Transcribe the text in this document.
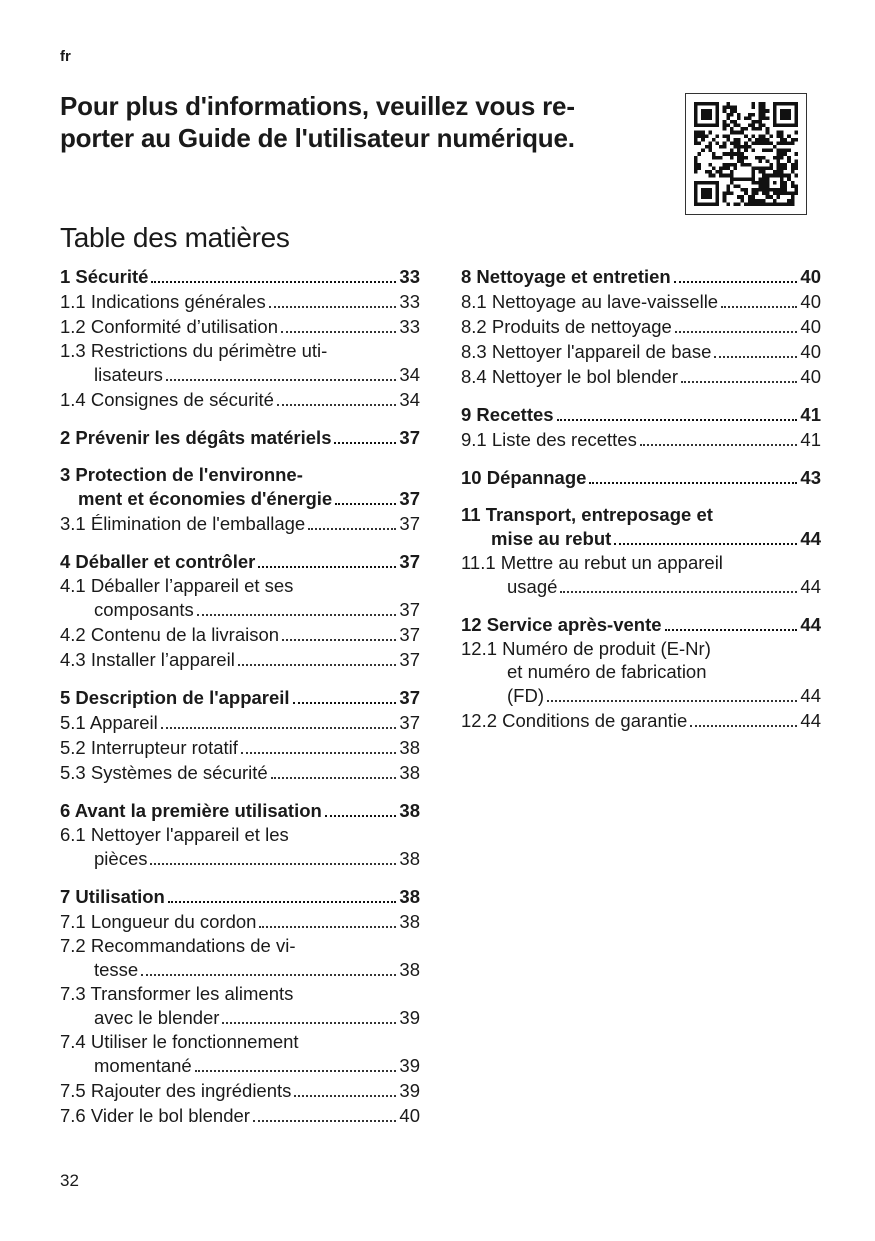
fr
Pour plus d'informations, veuillez vous re-
porter au Guide de l'utilisateur numérique.
Table des matières
1 Sécurité	33
1.1 Indications générales	33
1.2 Conformité d’utilisation	33
1.3 Restrictions du périmètre uti-
lisateurs	34
1.4 Consignes de sécurité	34
2 Prévenir les dégâts matériels	37
3 Protection de l'environne-
ment et économies d'énergie	37
3.1 Élimination de l'emballage	37
4 Déballer et contrôler	37
4.1 Déballer l’appareil et ses
composants	37
4.2 Contenu de la livraison	37
4.3 Installer l’appareil	37
5 Description de l'appareil	37
5.1 Appareil	37
5.2 Interrupteur rotatif	38
5.3 Systèmes de sécurité	38
6 Avant la première utilisation	38
6.1 Nettoyer l'appareil et les
pièces	38
7 Utilisation	38
7.1 Longueur du cordon	38
7.2 Recommandations de vi-
tesse	38
7.3 Transformer les aliments
avec le blender	39
7.4 Utiliser le fonctionnement
momentané	39
7.5 Rajouter des ingrédients	39
7.6 Vider le bol blender	40
8 Nettoyage et entretien	40
8.1 Nettoyage au lave-vaisselle	40
8.2 Produits de nettoyage	40
8.3 Nettoyer l'appareil de base	40
8.4 Nettoyer le bol blender	40
9 Recettes	41
9.1 Liste des recettes	41
10 Dépannage	43
11 Transport, entreposage et
mise au rebut	44
11.1 Mettre au rebut un appareil
usagé	44
12 Service après-vente	44
12.1 Numéro de produit (E-Nr)
et numéro de fabrication
(FD)	44
12.2 Conditions de garantie	44
32
